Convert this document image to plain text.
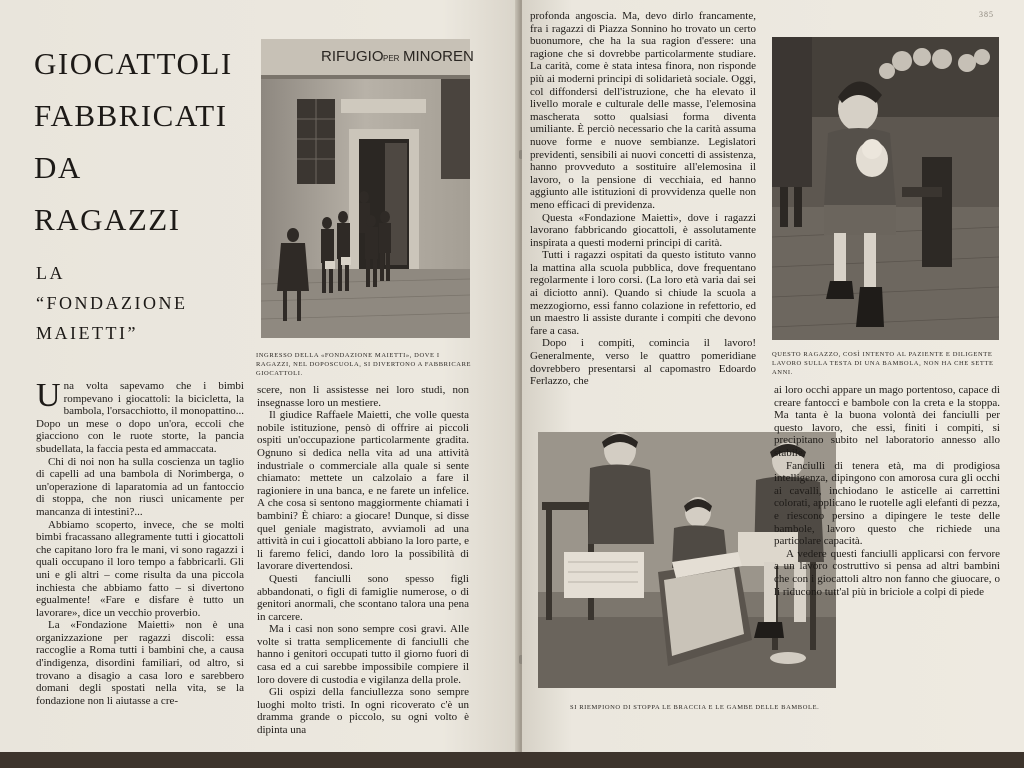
GIOCATTOLI
FABBRICATI
DA
RAGAZZI
LA
“FONDAZIONE
MAIETTI”
RIFUGIO PER MINOREN
INGRESSO DELLA «FONDAZIONE MAIETTI», DOVE I RAGAZZI, NEL DOPOSCUOLA, SI DIVERTONO A FABBRICARE GIOCATTOLI.

Una volta sapevamo che i bimbi rompevano i giocattoli: la bicicletta, la bambola, l'orsacchiotto, il monopattino... Dopo un mese o dopo un'ora, eccoli che giacciono con le ruote storte, la pancia sbudellata, la faccia pesta ed ammaccata.

Chi di noi non ha sulla coscienza un taglio di capelli ad una bambola di Norimberga, o un'operazione di laparatomia ad un fantoccio di stoppa, che non riuscì unicamente per mancanza di intestini?...

Abbiamo scoperto, invece, che se molti bimbi fracassano allegramente tutti i giocattoli che capitano loro fra le mani, vi sono ragazzi i quali occupano il loro tempo a fabbricarli. Gli uni e gli altri – come risulta da una piccola inchiesta che abbiamo fatto – si divertono egualmente! «Fare e disfare è tutto un lavorare», dice un vecchio proverbio.

La «Fondazione Maietti» non è una organizzazione per ragazzi discoli: essa raccoglie a Roma tutti i bambini che, a causa d'indigenza, disordini familiari, od altro, si trovano a disagio a casa loro e sarebbero domani degli spostati nella vita, se la fondazione non li aiutasse a cre-

scere, non li assistesse nei loro studi, non insegnasse loro un mestiere.

Il giudice Raffaele Maietti, che volle questa nobile istituzione, pensò di offrire ai piccoli ospiti un'occupazione particolarmente gradita. Ognuno si dedica nella vita ad una attività industriale o commerciale alla quale si sente chiamato: mettete un calzolaio a fare il ragioniere in una banca, e ne farete un infelice. A che cosa si sentono maggiormente chiamati i bambini? È chiaro: a giocare! Dunque, si disse quel geniale magistrato, avviamoli ad una attività in cui i giocattoli abbiano la loro parte, e li faremo felici, dando loro la possibilità di lavorare divertendosi.

Questi fanciulli sono spesso figli abbandonati, o figli di famiglie numerose, o di genitori anormali, che scontano talora una pena in carcere.

Ma i casi non sono sempre così gravi. Alle volte si tratta semplicemente di fanciulli che hanno i genitori occupati tutto il giorno fuori di casa ed a cui sarebbe impossibile compiere il loro dovere di custodia e vigilanza della prole.

Gli ospizi della fanciullezza sono sempre luoghi molto tristi. In ogni ricoverato c'è un dramma grande o piccolo, su ogni volto è dipinta una

385

profonda angoscia. Ma, devo dirlo francamente, fra i ragazzi di Piazza Sonnino ho trovato un certo buonumore, che ha la sua ragion d'essere: una ragione che si dovrebbe particolarmente studiare. La carità, come è stata intesa finora, non risponde più ai moderni principi di solidarietà sociale. Oggi, col diffondersi dell'istruzione, che ha elevato il livello morale e culturale delle masse, l'elemosina mascherata sotto qualsiasi forma diventa umiliante. È perciò necessario che la carità assuma nuove forme e nuove sembianze. Legislatori previdenti, sensibili ai nuovi concetti di assistenza, hanno provveduto a sostituire all'elemosina il lavoro, o la pensione di vecchiaia, ed hanno aggiunto alle istituzioni di provvidenza quelle non meno efficaci di previdenza.

Questa «Fondazione Maietti», dove i ragazzi lavorano fabbricando giocattoli, è assolutamente inspirata a questi moderni principi di carità.

Tutti i ragazzi ospitati da questo istituto vanno la mattina alla scuola pubblica, dove frequentano regolarmente i loro corsi. (La loro età varia dai sei ai diciotto anni). Quando si chiude la scuola a mezzogiorno, essi fanno colazione in refettorio, ed un maestro li assiste durante i compiti che devono fare a casa.

Dopo i compiti, comincia il lavoro! Generalmente, verso le quattro pomeridiane dovrebbero presentarsi al capomastro Edoardo Ferlazzo, che

QUESTO RAGAZZO, COSÌ INTENTO AL PAZIENTE E DILIGENTE LAVORO SULLA TESTA DI UNA BAMBOLA, NON HA CHE SETTE ANNI.
SI RIEMPIONO DI STOPPA LE BRACCIA E LE GAMBE DELLE BAMBOLE.

ai loro occhi appare un mago portentoso, capace di creare fantocci e bambole con la creta e la stoppa. Ma tanta è la buona volontà dei fanciulli per questo lavoro, che essi, finiti i compiti, si precipitano subito nel laboratorio annesso allo stabile.

Fanciulli di tenera età, ma di prodigiosa intelligenza, dipingono con amorosa cura gli occhi ai cavalli, inchiodano le asticelle ai carrettini colorati, applicano le ruotelle agli elefanti di pezza, e riescono persino a dipingere le teste delle bambole, lavoro questo che richiede una particolare capacità.

A vedere questi fanciulli applicarsi con fervore a un lavoro costruttivo si pensa ad altri bambini che con i giocattoli altro non fanno che giuocare, o li riducono tutt'al più in briciole a colpi di piede
